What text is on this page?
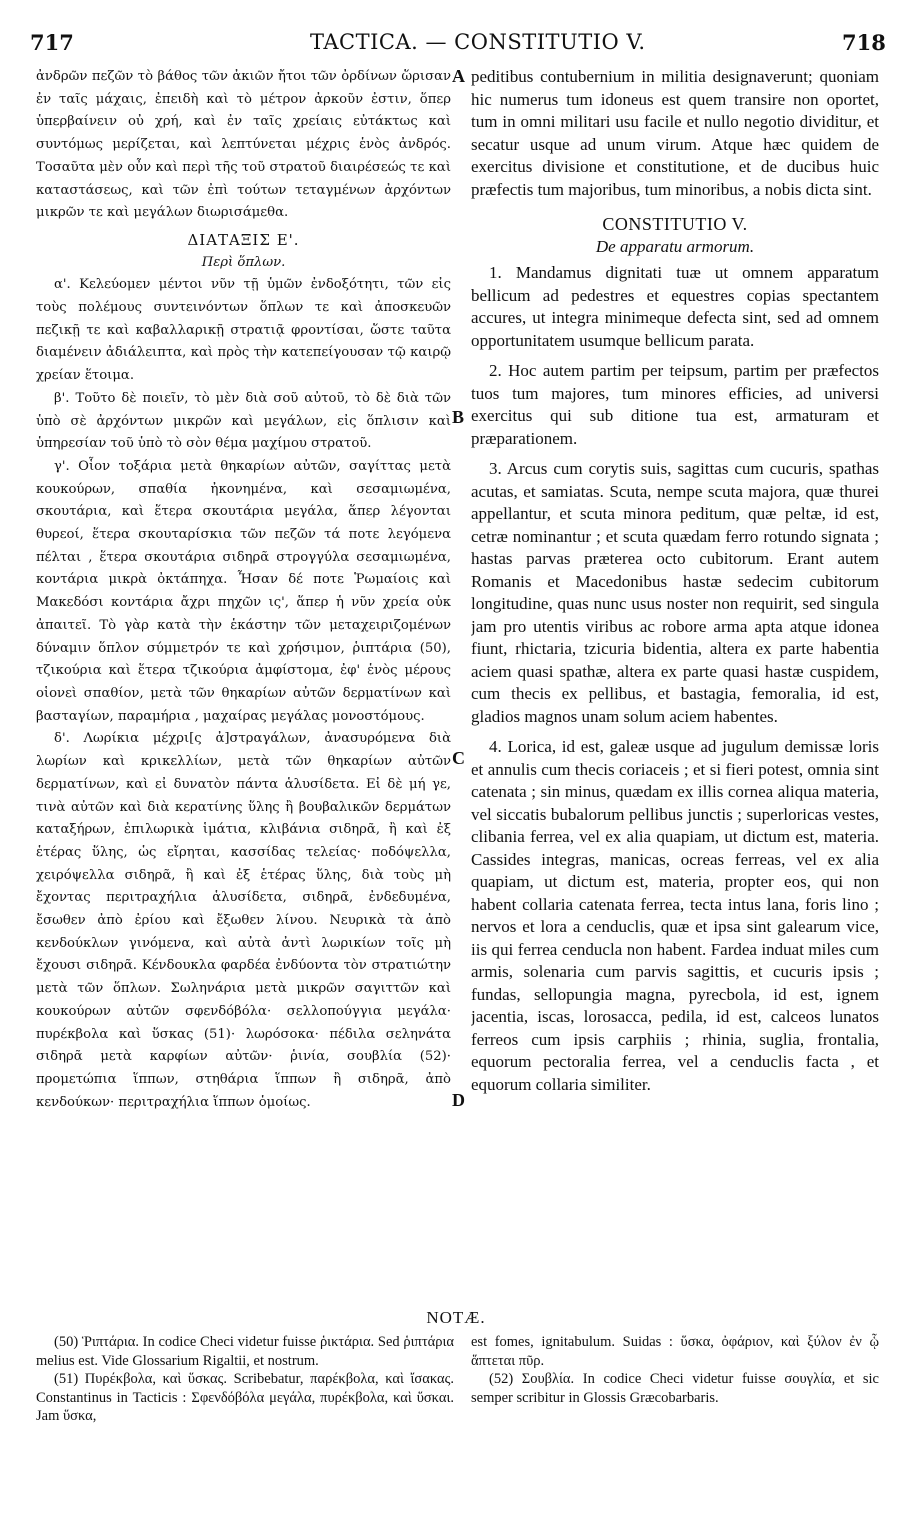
717	TACTICA. — CONSTITUTIO V.	718

ἀνδρῶν πεζῶν τὸ βάθος τῶν ἀκιῶν ἤτοι τῶν ὀρδίνων ὥρισαν ἐν ταῖς μάχαις, ἐπειδὴ καὶ τὸ μέτρον ἀρκοῦν ἐστιν, ὅπερ ὑπερβαίνειν οὐ χρή, καὶ ἐν ταῖς χρείαις εὐτάκτως καὶ συντόμως μερίζεται, καὶ λεπτύνεται μέχρις ἑνὸς ἀνδρός. Τοσαῦτα μὲν οὖν καὶ περὶ τῆς τοῦ στρατοῦ διαιρέσεώς τε καὶ καταστάσεως, καὶ τῶν ἐπὶ τούτων τεταγμένων ἀρχόντων μικρῶν τε καὶ μεγάλων διωρισάμεθα.

ΔΙΑΤΑΞΙΣ Ε'.

Περὶ ὅπλων.

α'. Κελεύομεν μέντοι νῦν τῇ ὑμῶν ἐνδοξότητι, τῶν εἰς τοὺς πολέμους συντεινόντων ὅπλων τε καὶ ἀποσκευῶν πεζικῇ τε καὶ καβαλλαρικῇ στρατιᾷ φροντίσαι, ὥστε ταῦτα διαμένειν ἀδιάλειπτα, καὶ πρὸς τὴν κατεπείγουσαν τῷ καιρῷ χρείαν ἕτοιμα.

β'. Τοῦτο δὲ ποιεῖν, τὸ μὲν διὰ σοῦ αὐτοῦ, τὸ δὲ διὰ τῶν ὑπὸ σὲ ἀρχόντων μικρῶν καὶ μεγάλων, εἰς ὅπλισιν καὶ ὑπηρεσίαν τοῦ ὑπὸ τὸ σὸν θέμα μαχίμου στρατοῦ.

γ'. Οἷον τοξάρια μετὰ θηκαρίων αὐτῶν, σαγίττας μετὰ κουκούρων, σπαθία ἠκονημένα, καὶ σεσαμιωμένα, σκουτάρια, καὶ ἕτερα σκουτάρια μεγάλα, ἅπερ λέγονται θυρεοί, ἕτερα σκουταρίσκια τῶν πεζῶν τά ποτε λεγόμενα πέλται , ἕτερα σκουτάρια σιδηρᾶ στρογγύλα σεσαμιωμένα, κοντάρια μικρὰ ὀκτάπηχα. Ἦσαν δέ ποτε Ῥωμαίοις καὶ Μακεδόσι κοντάρια ἄχρι πηχῶν ις', ἅπερ ἡ νῦν χρεία οὐκ ἀπαιτεῖ. Τὸ γὰρ κατὰ τὴν ἑκάστην τῶν μεταχειριζομένων δύναμιν ὅπλον σύμμετρόν τε καὶ χρήσιμον, ῥιπτάρια (50), τζικούρια καὶ ἕτερα τζικούρια ἀμφίστομα, ἐφ' ἑνὸς μέρους οἱονεὶ σπαθίον, μετὰ τῶν θηκαρίων αὐτῶν δερματίνων καὶ βασταγίων, παραμήρια , μαχαίρας μεγάλας μονοστόμους.

δ'. Λωρίκια μέχρι[ς ἀ]στραγάλων, ἀνασυρόμενα διὰ λωρίων καὶ κρικελλίων, μετὰ τῶν θηκαρίων αὐτῶν δερματίνων, καὶ εἰ δυνατὸν πάντα ἁλυσίδετα. Εἰ δὲ μή γε, τινὰ αὐτῶν καὶ διὰ κερατίνης ὕλης ἢ βουβαλικῶν δερμάτων καταξήρων, ἐπιλωρικὰ ἱμάτια, κλιβάνια σιδηρᾶ, ἢ καὶ ἐξ ἑτέρας ὕλης, ὡς εἴρηται, κασσίδας τελείας· ποδόψελλα, χειρόψελλα σιδηρᾶ, ἢ καὶ ἐξ ἑτέρας ὕλης, διὰ τοὺς μὴ ἔχοντας περιτραχήλια ἁλυσίδετα, σιδηρᾶ, ἐνδεδυμένα, ἔσωθεν ἀπὸ ἐρίου καὶ ἔξωθεν λίνου. Νευρικὰ τὰ ἀπὸ κενδούκλων γινόμενα, καὶ αὐτὰ ἀντὶ λωρικίων τοῖς μὴ ἔχουσι σιδηρᾶ. Κένδουκλα φαρδέα ἐνδύοντα τὸν στρατιώτην μετὰ τῶν ὅπλων. Σωληνάρια μετὰ μικρῶν σαγιττῶν καὶ κουκούρων αὐτῶν σφενδόβόλα· σελλοπούγγια μεγάλα· πυρέκβολα καὶ ὕσκας (51)· λωρόσοκα· πέδιλα σεληνάτα σιδηρᾶ μετὰ καρφίων αὐτῶν· ῥινία, σουβλία (52)· προμετώπια ἵππων, στηθάρια ἵππων ἢ σιδηρᾶ, ἀπὸ κενδούκων· περιτραχήλια ἵππων ὁμοίως.

A
B
C
D

peditibus contubernium in militia designaverunt; quoniam hic numerus tum idoneus est quem transire non oportet, tum in omni militari usu facile et nullo negotio dividitur, et secatur usque ad unum virum. Atque hæc quidem de exercitus divisione et constitutione, et de ducibus huic præfectis tum majoribus, tum minoribus, a nobis dicta sint.

CONSTITUTIO V.

De apparatu armorum.

1. Mandamus dignitati tuæ ut omnem apparatum bellicum ad pedestres et equestres copias spectantem accures, ut integra minimeque defecta sint, sed ad omnem opportunitatem usumque bellicum parata.

2. Hoc autem partim per teipsum, partim per præfectos tuos tum majores, tum minores efficies, ad universi exercitus qui sub ditione tua est, armaturam et præparationem.

3. Arcus cum corytis suis, sagittas cum cucuris, spathas acutas, et samiatas. Scuta, nempe scuta majora, quæ thurei appellantur, et scuta minora peditum, quæ peltæ, id est, cetræ nominantur ; et scuta quædam ferro rotundo signata ; hastas parvas præterea octo cubitorum. Erant autem Romanis et Macedonibus hastæ sedecim cubitorum longitudine, quas nunc usus noster non requirit, sed singula jam pro utentis viribus ac robore arma apta atque idonea fiunt, rhictaria, tzicuria bidentia, altera ex parte habentia aciem quasi spathæ, altera ex parte quasi hastæ cuspidem, cum thecis ex pellibus, et bastagia, femoralia, id est, gladios magnos unam solum aciem habentes.

4. Lorica, id est, galeæ usque ad jugulum demissæ loris et annulis cum thecis coriaceis ; et si fieri potest, omnia sint catenata ; sin minus, quædam ex illis cornea aliqua materia, vel siccatis bubalorum pellibus junctis ; superloricas vestes, clibania ferrea, vel ex alia quapiam, ut dictum est, materia. Cassides integras, manicas, ocreas ferreas, vel ex alia quapiam, ut dictum est, materia, propter eos, qui non habent collaria catenata ferrea, tecta intus lana, foris lino ; nervos et lora a cenduclis, quæ et ipsa sint galearum vice, iis qui ferrea cenducla non habent. Fardea induat miles cum armis, solenaria cum parvis sagittis, et cucuris ipsis ; fundas, sellopungia magna, pyrecbola, id est, ignem jacentia, iscas, lorosacca, pedila, id est, calceos lunatos ferreos cum ipsis carphiis ; rhinia, suglia, frontalia, equorum pectoralia ferrea, vel a cenduclis facta , et equorum collaria similiter.

NOTÆ.

(50) Ῥιπτάρια. In codice Checi videtur fuisse ῥικτάρια. Sed ῥιπτάρια melius est. Vide Glossarium Rigaltii, et nostrum.

(51) Πυρέκβολα, καὶ ὕσκας. Scribebatur, παρέκβολα, καὶ ἴσακας. Constantinus in Tacticis : Σφενδόβόλα μεγάλα, πυρέκβολα, καὶ ὕσκαι. Jam ὕσκα,

est fomes, ignitabulum. Suidas : ὕσκα, ὀφάριον, καὶ ξύλον ἐν ᾧ ἅπτεται πῦρ.

(52) Σουβλία. In codice Checi videtur fuisse σουγλία, et sic semper scribitur in Glossis Græcobarbaris.
